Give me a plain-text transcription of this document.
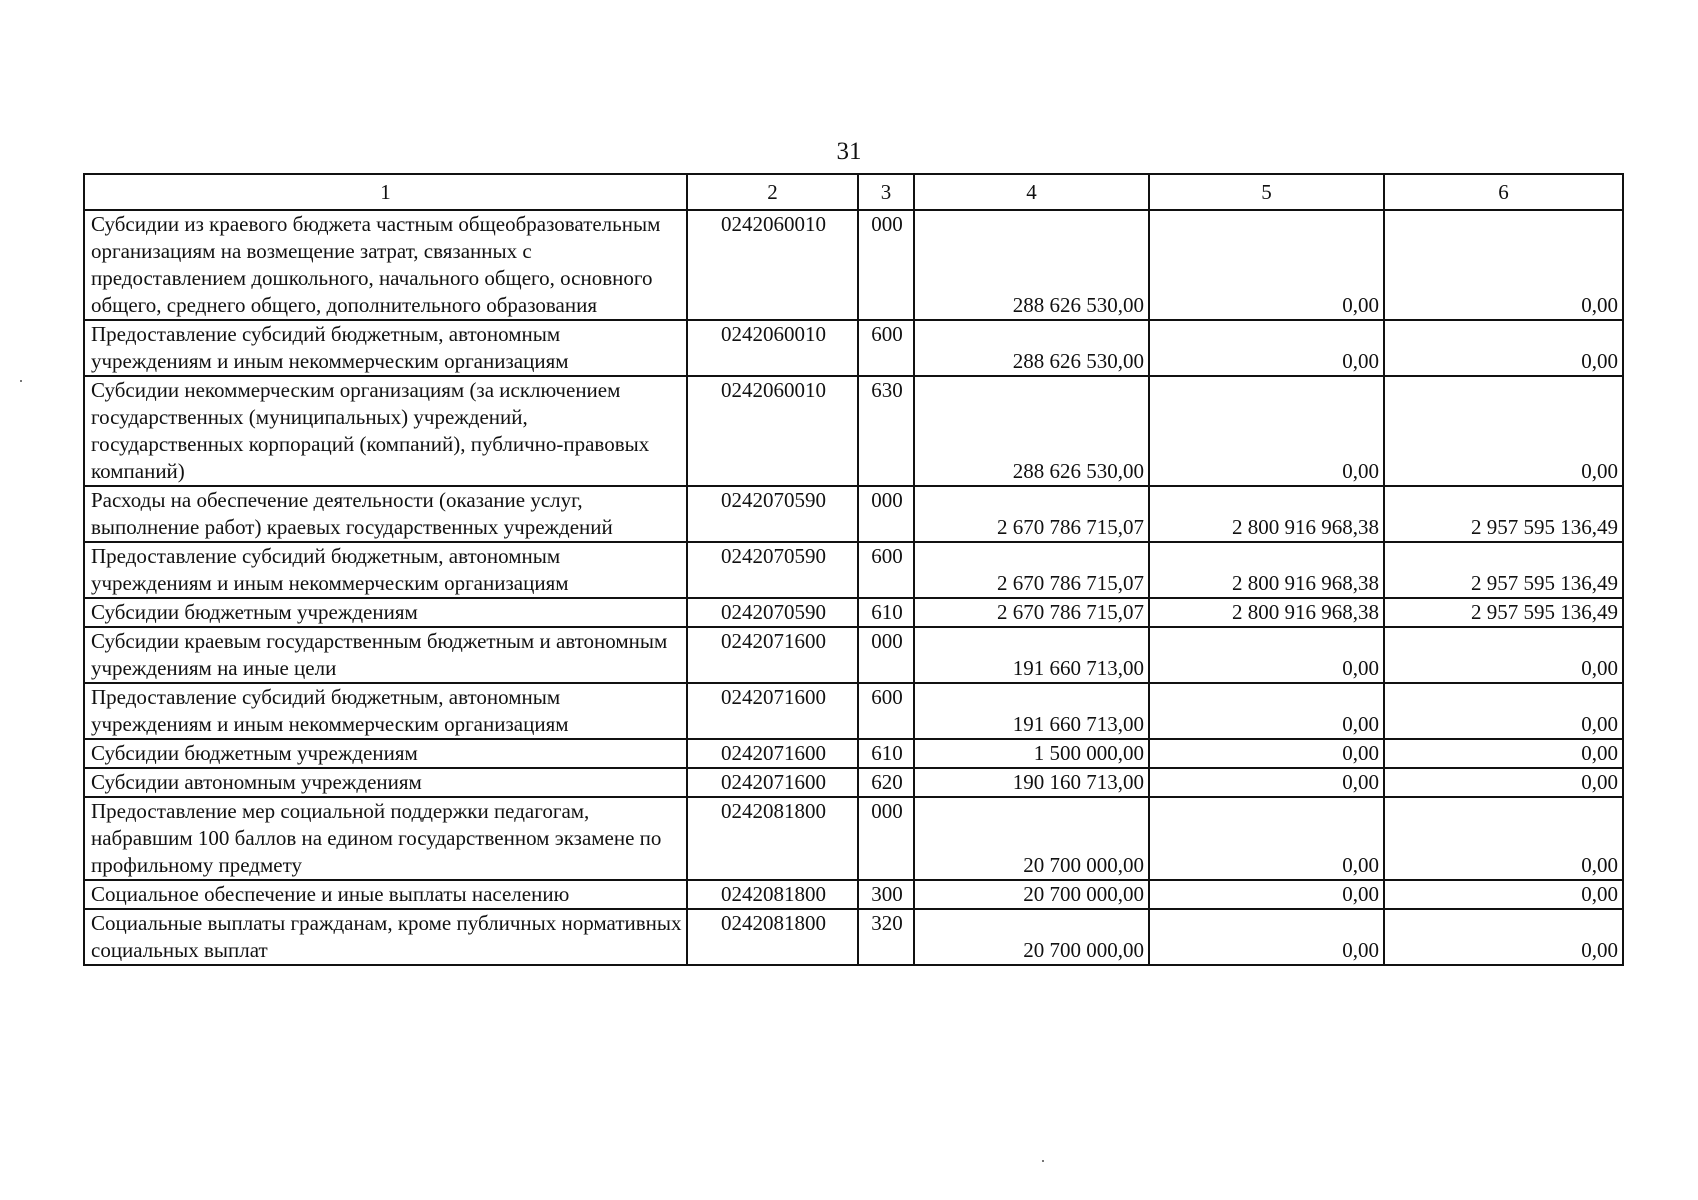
31
1	2	3	4	5	6
Субсидии из краевого бюджета частным общеобразовательным организациям на возмещение затрат, связанных с предоставлением дошкольного, начального общего, основного общего, среднего общего, дополнительного образования	0242060010	000	288 626 530,00	0,00	0,00
Предоставление субсидий бюджетным, автономным учреждениям и иным некоммерческим организациям	0242060010	600	288 626 530,00	0,00	0,00
Субсидии некоммерческим организациям (за исключением государственных (муниципальных) учреждений, государственных корпораций (компаний), публично-правовых компаний)	0242060010	630	288 626 530,00	0,00	0,00
Расходы на обеспечение деятельности (оказание услуг, выполнение работ) краевых государственных учреждений	0242070590	000	2 670 786 715,07	2 800 916 968,38	2 957 595 136,49
Предоставление субсидий бюджетным, автономным учреждениям и иным некоммерческим организациям	0242070590	600	2 670 786 715,07	2 800 916 968,38	2 957 595 136,49
Субсидии бюджетным учреждениям	0242070590	610	2 670 786 715,07	2 800 916 968,38	2 957 595 136,49
Субсидии краевым государственным бюджетным и автономным учреждениям на иные цели	0242071600	000	191 660 713,00	0,00	0,00
Предоставление субсидий бюджетным, автономным учреждениям и иным некоммерческим организациям	0242071600	600	191 660 713,00	0,00	0,00
Субсидии бюджетным учреждениям	0242071600	610	1 500 000,00	0,00	0,00
Субсидии автономным учреждениям	0242071600	620	190 160 713,00	0,00	0,00
Предоставление мер социальной поддержки педагогам, набравшим 100 баллов на едином государственном экзамене по профильному предмету	0242081800	000	20 700 000,00	0,00	0,00
Социальное обеспечение и иные выплаты населению	0242081800	300	20 700 000,00	0,00	0,00
Социальные выплаты гражданам, кроме публичных нормативных социальных выплат	0242081800	320	20 700 000,00	0,00	0,00
